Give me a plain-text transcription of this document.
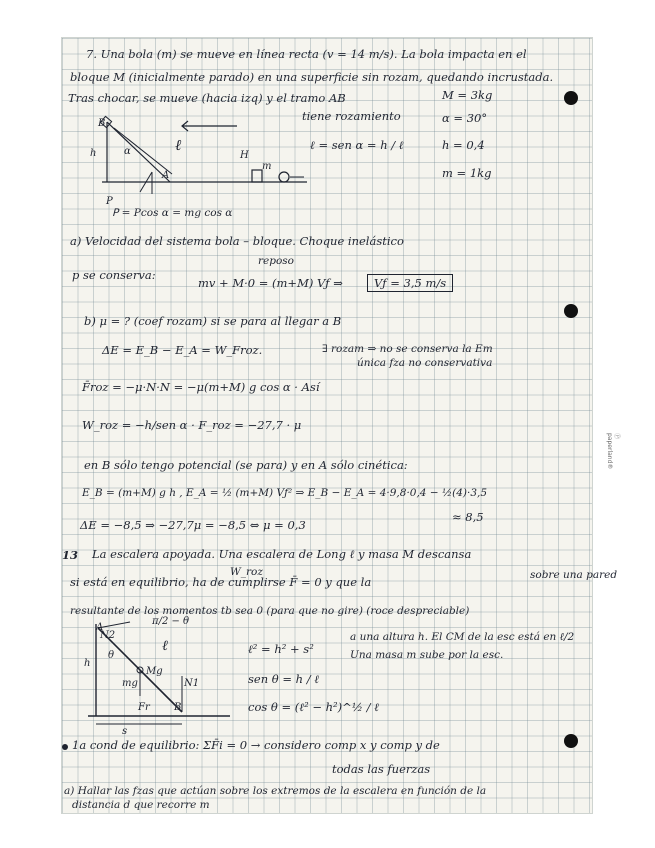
Ⓟ paperland®
7. Una bola (m) se mueve en línea recta (v = 14 m/s). La bola impacta en el
bloque M (inicialmente parado) en una superficie sin rozam, quedando incrustada.
Tras chocar, se mueve (hacia izq) y el tramo AB
tiene rozamiento
M = 3kg
α = 30°
h = 0,4
m = 1kg
ℓ = sen α = h / ℓ
ꓑ = Pcos α = mg cos α
B
h	ℓ
α
A
P
H
m
a) Velocidad del sistema bola – bloque. Choque inelástico
reposo
p se conserva:
mv + M·0 = (m+M) Vƒ ⇒	Vƒ = 3,5 m/s
b) μ = ? (coef rozam) si se para al llegar a B
ΔE = E_B − E_A = W_Froz.	∃ rozam ⇒ no se conserva la Em
única fza no conservativa
F̄roz = −μ·N·N = −μ(m+M) g cos α · Así
W_roz = −h/sen α · F_roz = −27,7 · μ
en B sólo tengo potencial (se para) y en A sólo cinética:
E_B = (m+M) g h , E_A = ½ (m+M) Vƒ² ⇒ E_B − E_A = 4·9,8·0,4 − ½(4)·3,5
≈ 8,5
ΔE = −8,5 ⇒ −27,7μ = −8,5 ⇔ μ = 0,3
13 La escalera apoyada. Una escalera de Long ℓ y masa M descansa
W_roz
si está en equilibrio, ha de cumplirse F̄ = 0 y que la	sobre una pared
resultante de los momentos tb sea 0 (para que no gire) (roce despreciable)
a una altura h. El CM de la esc está en ℓ/2
Una masa m sube por la esc.
ℓ² = h² + s²
sen θ = h / ℓ
cos θ = (ℓ² − h²)^½ / ℓ
N2
θ
ℓ
mg
Mg
N1
Fr B
s
h
A
π/2 − θ
1a cond de equilibrio: ΣF̄i = 0 → considero comp x y comp y de
todas las fuerzas
a) Hallar las fzas que actúan sobre los extremos de la escalera en función de la
distancia d que recorre m
